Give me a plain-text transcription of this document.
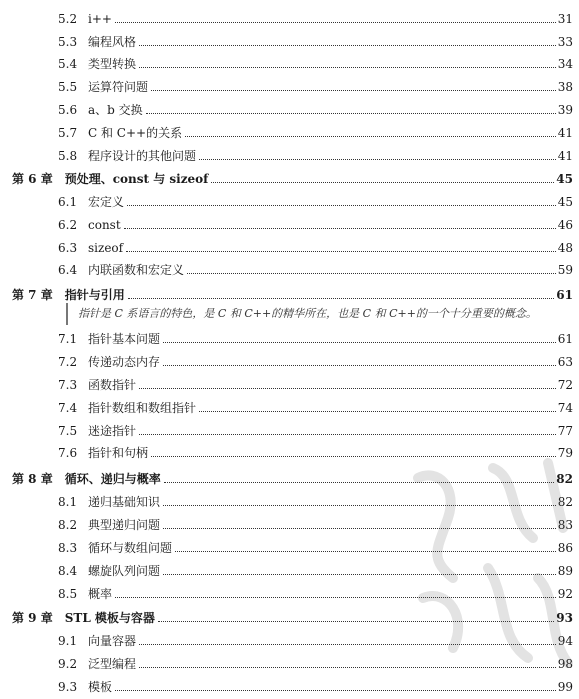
5.2 i++	31
5.3 编程风格	33
5.4 类型转换	34
5.5 运算符问题	38
5.6 a、b 交换	39
5.7 C 和 C++的关系	41
5.8 程序设计的其他问题	41
第 6 章 预处理、const 与 sizeof	45
6.1 宏定义	45
6.2 const	46
6.3 sizeof	48
6.4 内联函数和宏定义	59
第 7 章 指针与引用	61
指针是 C 系语言的特色，是 C 和 C++的精华所在，也是 C 和 C++的一个十分重要的概念。
7.1 指针基本问题	61
7.2 传递动态内存	63
7.3 函数指针	72
7.4 指针数组和数组指针	74
7.5 迷途指针	77
7.6 指针和句柄	79
第 8 章 循环、递归与概率	82
8.1 递归基础知识	82
8.2 典型递归问题	83
8.3 循环与数组问题	86
8.4 螺旋队列问题	89
8.5 概率	92
第 9 章 STL 模板与容器	93
9.1 向量容器	94
9.2 泛型编程	98
9.3 模板	99
